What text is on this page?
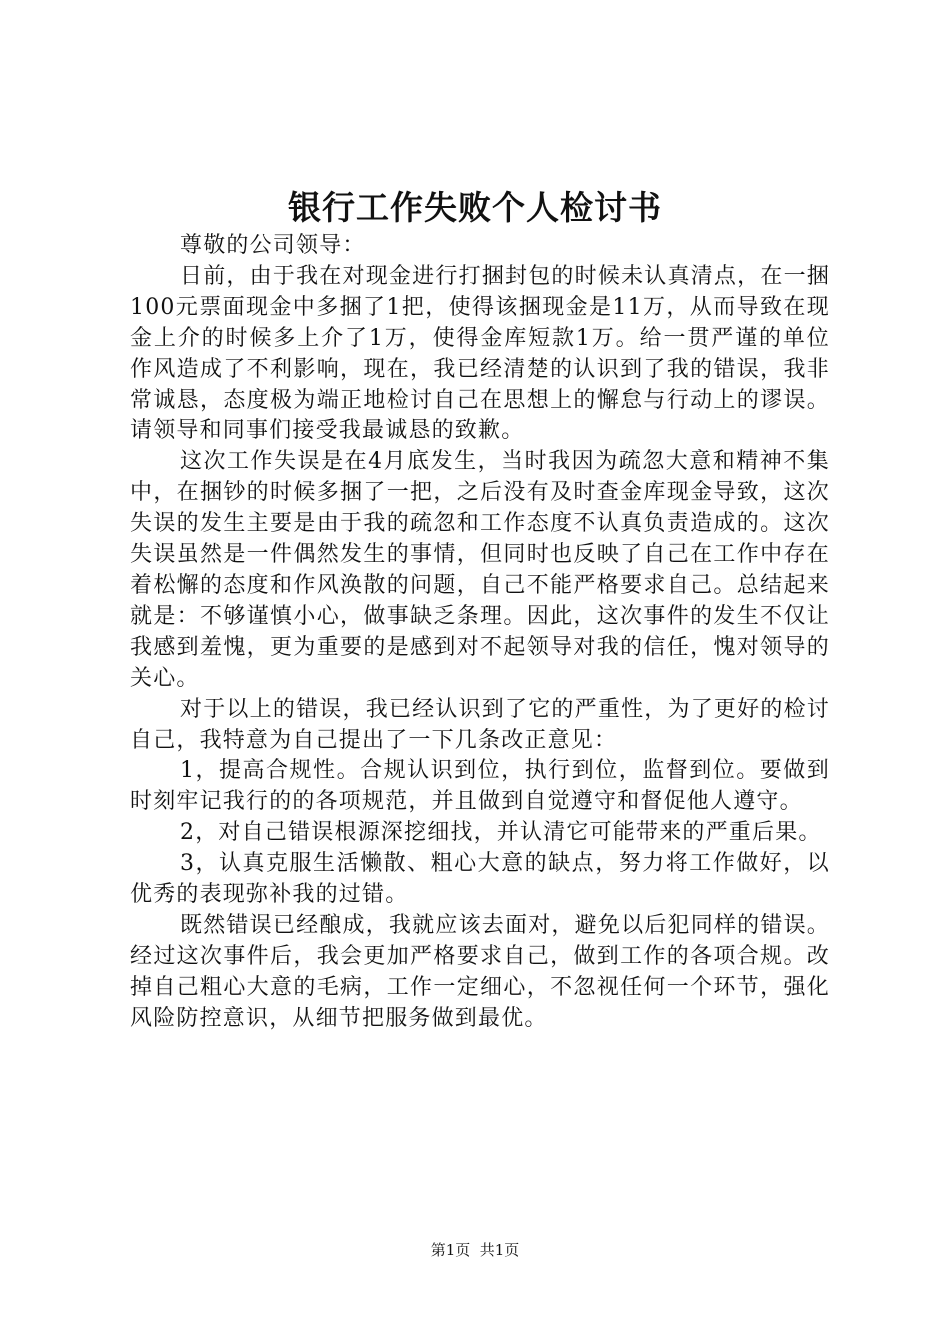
银行工作失败个人检讨书

尊敬的公司领导：

日前，由于我在对现金进行打捆封包的时候未认真清点，在一捆100元票面现金中多捆了1把，使得该捆现金是11万，从而导致在现金上介的时候多上介了1万，使得金库短款1万。给一贯严谨的单位作风造成了不利影响，现在，我已经清楚的认识到了我的错误，我非常诚恳，态度极为端正地检讨自己在思想上的懈怠与行动上的谬误。请领导和同事们接受我最诚恳的致歉。

这次工作失误是在4月底发生，当时我因为疏忽大意和精神不集中，在捆钞的时候多捆了一把，之后没有及时查金库现金导致，这次失误的发生主要是由于我的疏忽和工作态度不认真负责造成的。这次失误虽然是一件偶然发生的事情，但同时也反映了自己在工作中存在着松懈的态度和作风涣散的问题，自己不能严格要求自己。总结起来就是：不够谨慎小心，做事缺乏条理。因此，这次事件的发生不仅让我感到羞愧，更为重要的是感到对不起领导对我的信任，愧对领导的关心。

对于以上的错误，我已经认识到了它的严重性，为了更好的检讨自己，我特意为自己提出了一下几条改正意见：

1，提高合规性。合规认识到位，执行到位，监督到位。要做到时刻牢记我行的的各项规范，并且做到自觉遵守和督促他人遵守。

2，对自己错误根源深挖细找，并认清它可能带来的严重后果。

3，认真克服生活懒散、粗心大意的缺点，努力将工作做好，以优秀的表现弥补我的过错。

既然错误已经酿成，我就应该去面对，避免以后犯同样的错误。经过这次事件后，我会更加严格要求自己，做到工作的各项合规。改掉自己粗心大意的毛病，工作一定细心，不忽视任何一个环节，强化风险防控意识，从细节把服务做到最优。

第1页  共1页
